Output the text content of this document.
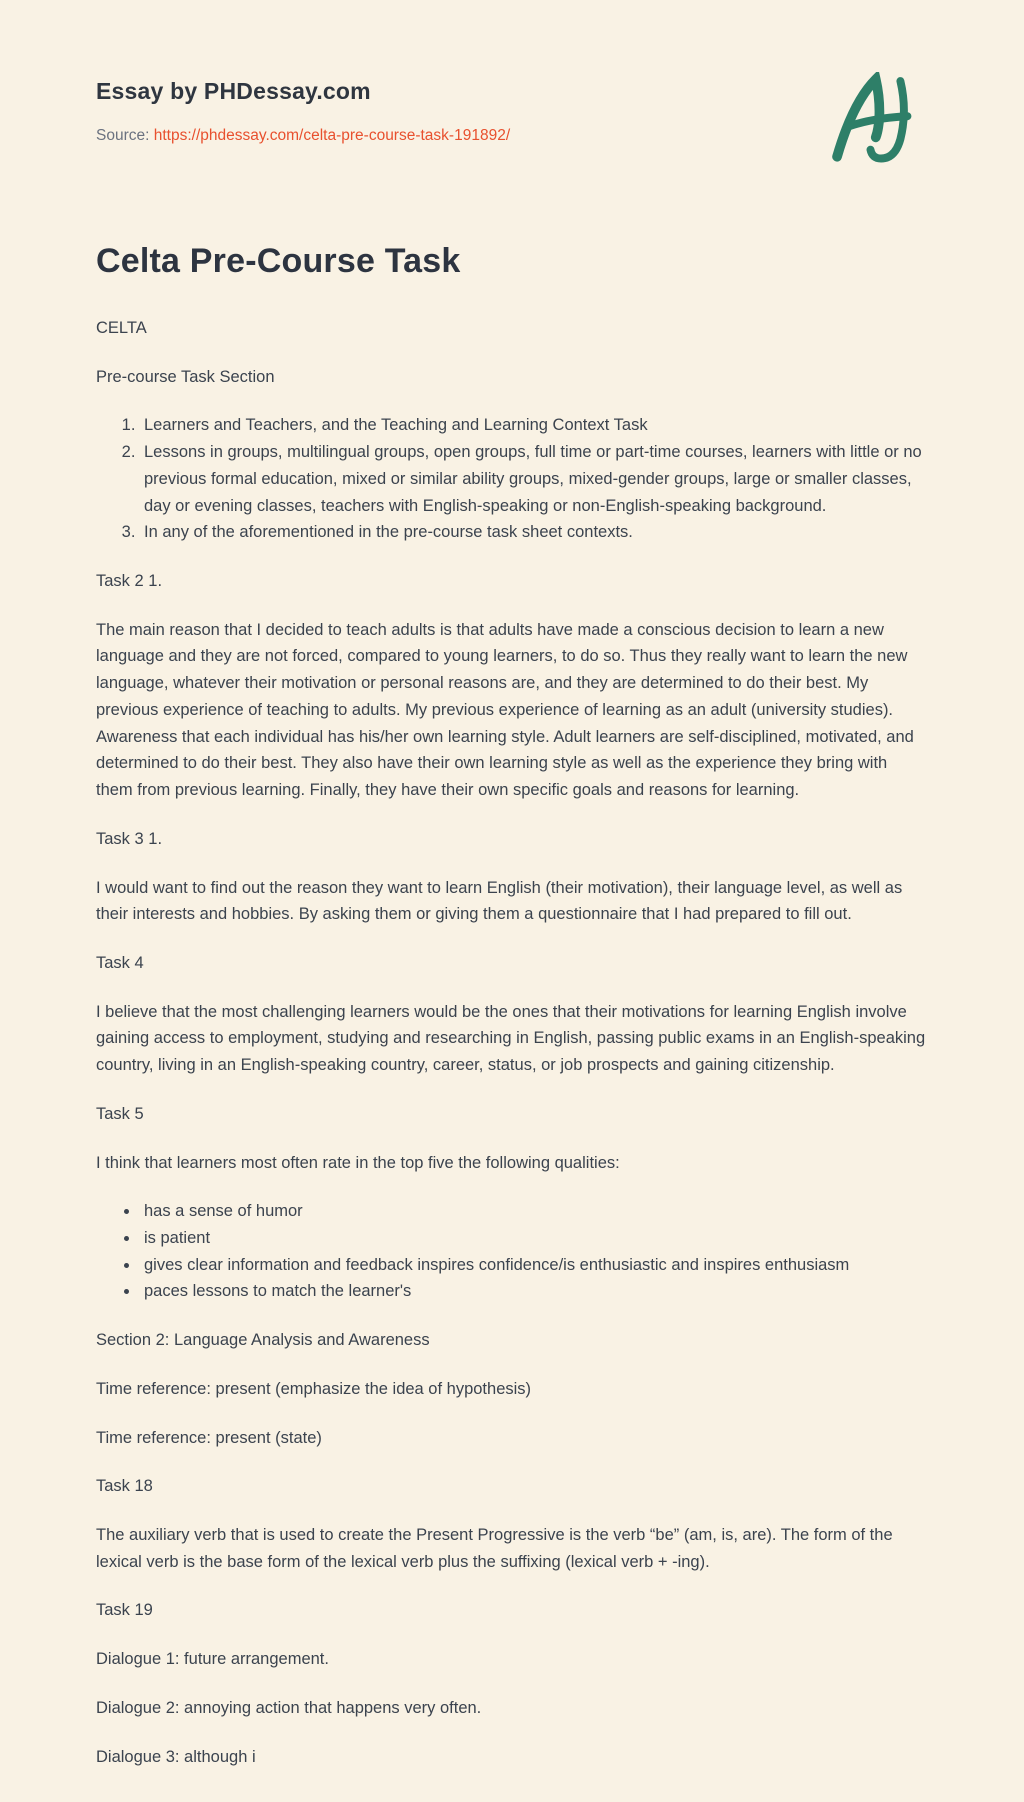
Essay by PHDessay.com
Source: https://phdessay.com/celta-pre-course-task-191892/
Celta Pre-Course Task

CELTA

Pre-course Task Section

1. Learners and Teachers, and the Teaching and Learning Context Task
2. Lessons in groups, multilingual groups, open groups, full time or part-time courses, learners with little or no previous formal education, mixed or similar ability groups, mixed-gender groups, large or smaller classes, day or evening classes, teachers with English-speaking or non-English-speaking background.
3. In any of the aforementioned in the pre-course task sheet contexts.

Task 2 1.

The main reason that I decided to teach adults is that adults have made a conscious decision to learn a new language and they are not forced, compared to young learners, to do so. Thus they really want to learn the new language, whatever their motivation or personal reasons are, and they are determined to do their best. My previous experience of teaching to adults. My previous experience of learning as an adult (university studies). Awareness that each individual has his/her own learning style. Adult learners are self-disciplined, motivated, and determined to do their best. They also have their own learning style as well as the experience they bring with them from previous learning. Finally, they have their own specific goals and reasons for learning.

Task 3 1.

I would want to find out the reason they want to learn English (their motivation), their language level, as well as their interests and hobbies. By asking them or giving them a questionnaire that I had prepared to fill out.

Task 4

I believe that the most challenging learners would be the ones that their motivations for learning English involve gaining access to employment, studying and researching in English, passing public exams in an English-speaking country, living in an English-speaking country, career, status, or job prospects and gaining citizenship.

Task 5

I think that learners most often rate in the top five the following qualities:

• has a sense of humor
• is patient
• gives clear information and feedback inspires confidence/is enthusiastic and inspires enthusiasm
• paces lessons to match the learner's

Section 2: Language Analysis and Awareness

Time reference: present (emphasize the idea of hypothesis)

Time reference: present (state)

Task 18

The auxiliary verb that is used to create the Present Progressive is the verb “be” (am, is, are). The form of the lexical verb is the base form of the lexical verb plus the suffixing (lexical verb + -ing).

Task 19

Dialogue 1: future arrangement.

Dialogue 2: annoying action that happens very often.

Dialogue 3: although i
